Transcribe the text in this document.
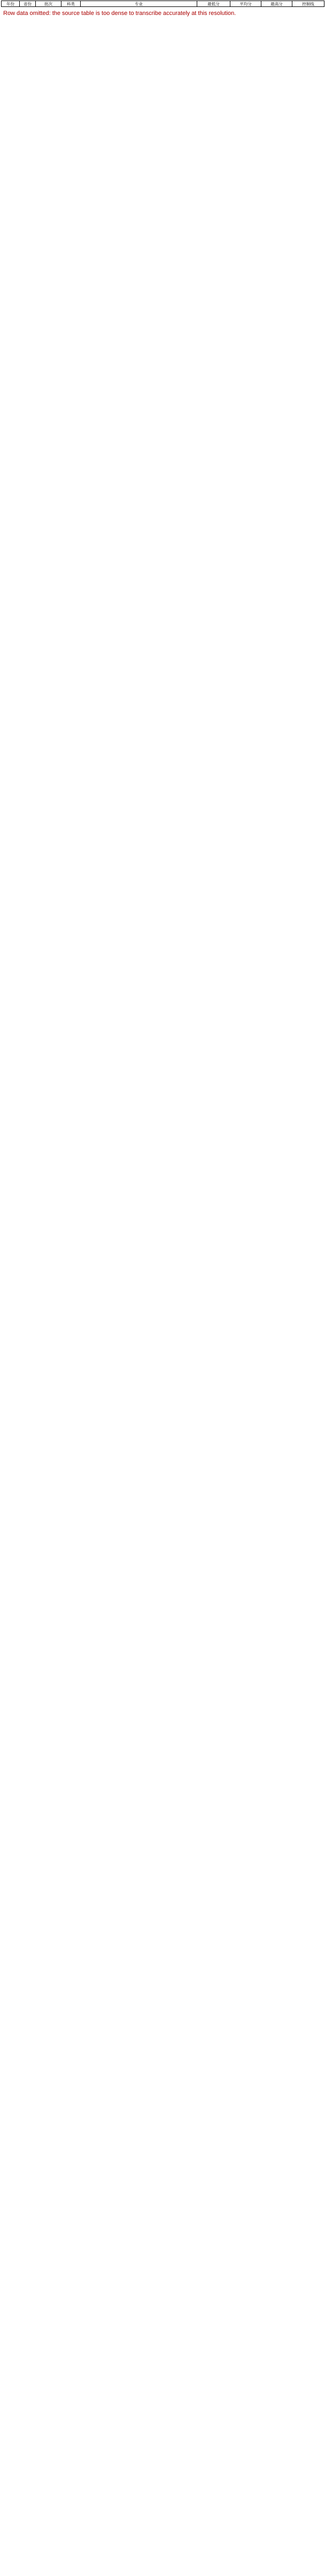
年份	省份	批次	科类	专业	最低分	平均分	最高分	控制线
Row data omitted: the source table is too dense to transcribe accurately at this resolution.
